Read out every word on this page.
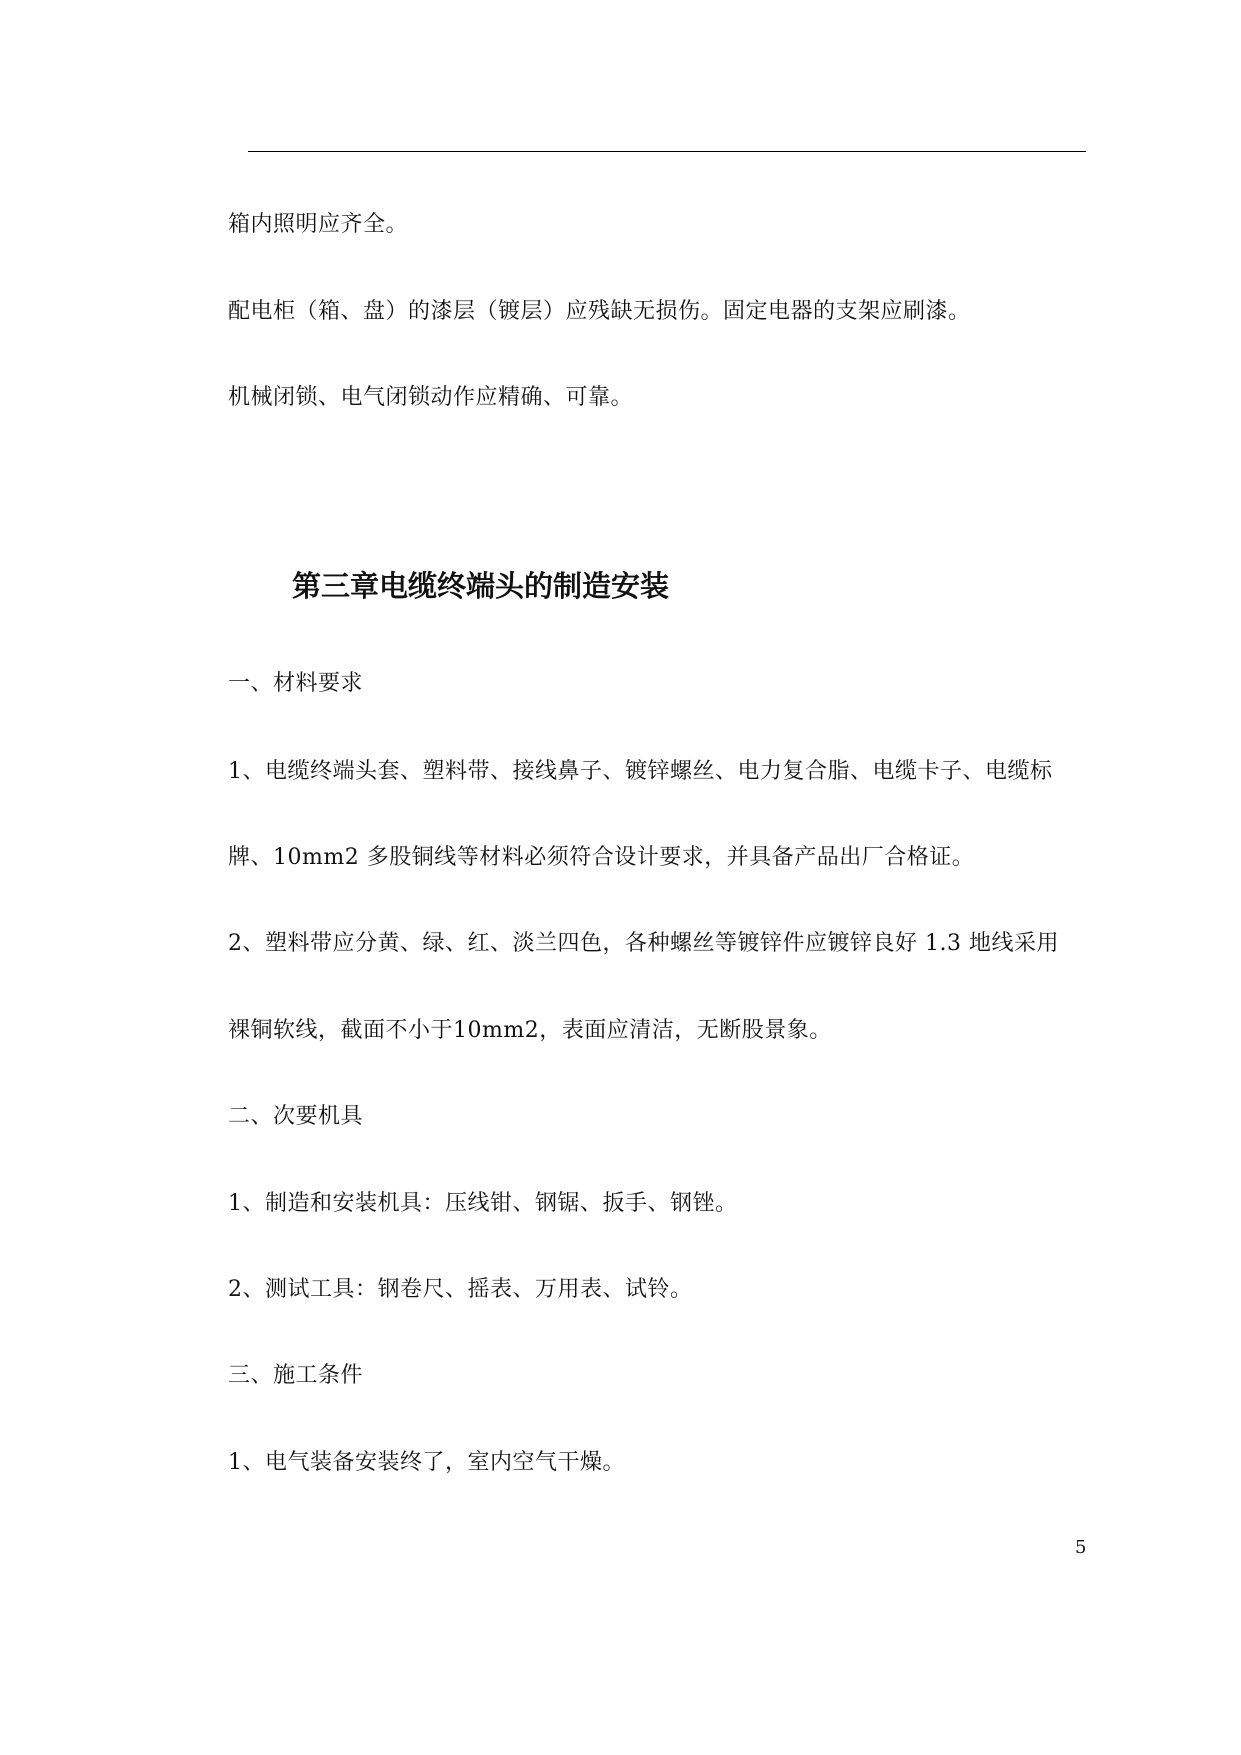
箱内照明应齐全。
配电柜（箱、盘）的漆层（镀层）应残缺无损伤。固定电器的支架应刷漆。
机械闭锁、电气闭锁动作应精确、可靠。
第三章电缆终端头的制造安装
一、材料要求
1、电缆终端头套、塑料带、接线鼻子、镀锌螺丝、电力复合脂、电缆卡子、电缆标
牌、10mm2 多股铜线等材料必须符合设计要求，并具备产品出厂合格证。
2、塑料带应分黄、绿、红、淡兰四色，各种螺丝等镀锌件应镀锌良好 1.3 地线采用
裸铜软线，截面不小于10mm2，表面应清洁，无断股景象。
二、次要机具
1、制造和安装机具：压线钳、钢锯、扳手、钢锉。
2、测试工具：钢卷尺、摇表、万用表、试铃。
三、施工条件
1、电气装备安装终了，室内空气干燥。
5
